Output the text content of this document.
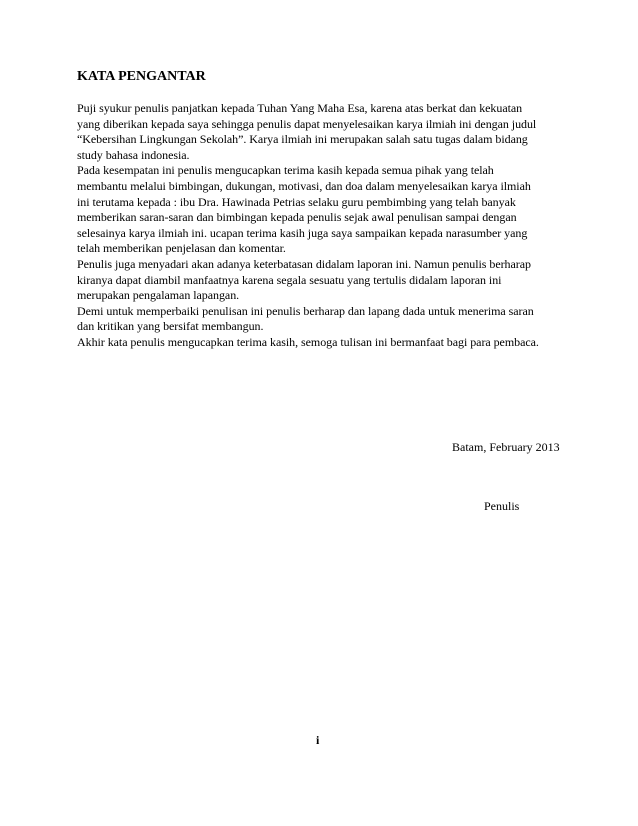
KATA PENGANTAR
Puji syukur penulis panjatkan kepada Tuhan Yang Maha Esa, karena atas berkat dan kekuatan
yang diberikan kepada saya sehingga penulis dapat menyelesaikan karya ilmiah ini dengan judul
“Kebersihan Lingkungan Sekolah”. Karya ilmiah ini merupakan salah satu tugas dalam bidang
study bahasa indonesia.
Pada kesempatan ini penulis mengucapkan terima kasih kepada semua pihak yang telah
membantu melalui bimbingan, dukungan, motivasi, dan doa dalam menyelesaikan karya ilmiah
ini terutama kepada : ibu Dra. Hawinada Petrias selaku guru pembimbing yang telah banyak
memberikan saran-saran dan bimbingan kepada penulis sejak awal penulisan sampai dengan
selesainya karya ilmiah ini. ucapan terima kasih juga saya sampaikan kepada narasumber yang
telah memberikan penjelasan dan komentar.
Penulis juga menyadari akan adanya keterbatasan didalam laporan ini. Namun penulis berharap
kiranya dapat diambil manfaatnya karena segala sesuatu yang tertulis didalam laporan ini
merupakan pengalaman lapangan.
Demi untuk memperbaiki penulisan ini penulis berharap dan lapang dada untuk menerima saran
dan kritikan yang bersifat membangun.
Akhir kata penulis mengucapkan terima kasih, semoga tulisan ini bermanfaat bagi para pembaca.
Batam, February 2013
Penulis
i
